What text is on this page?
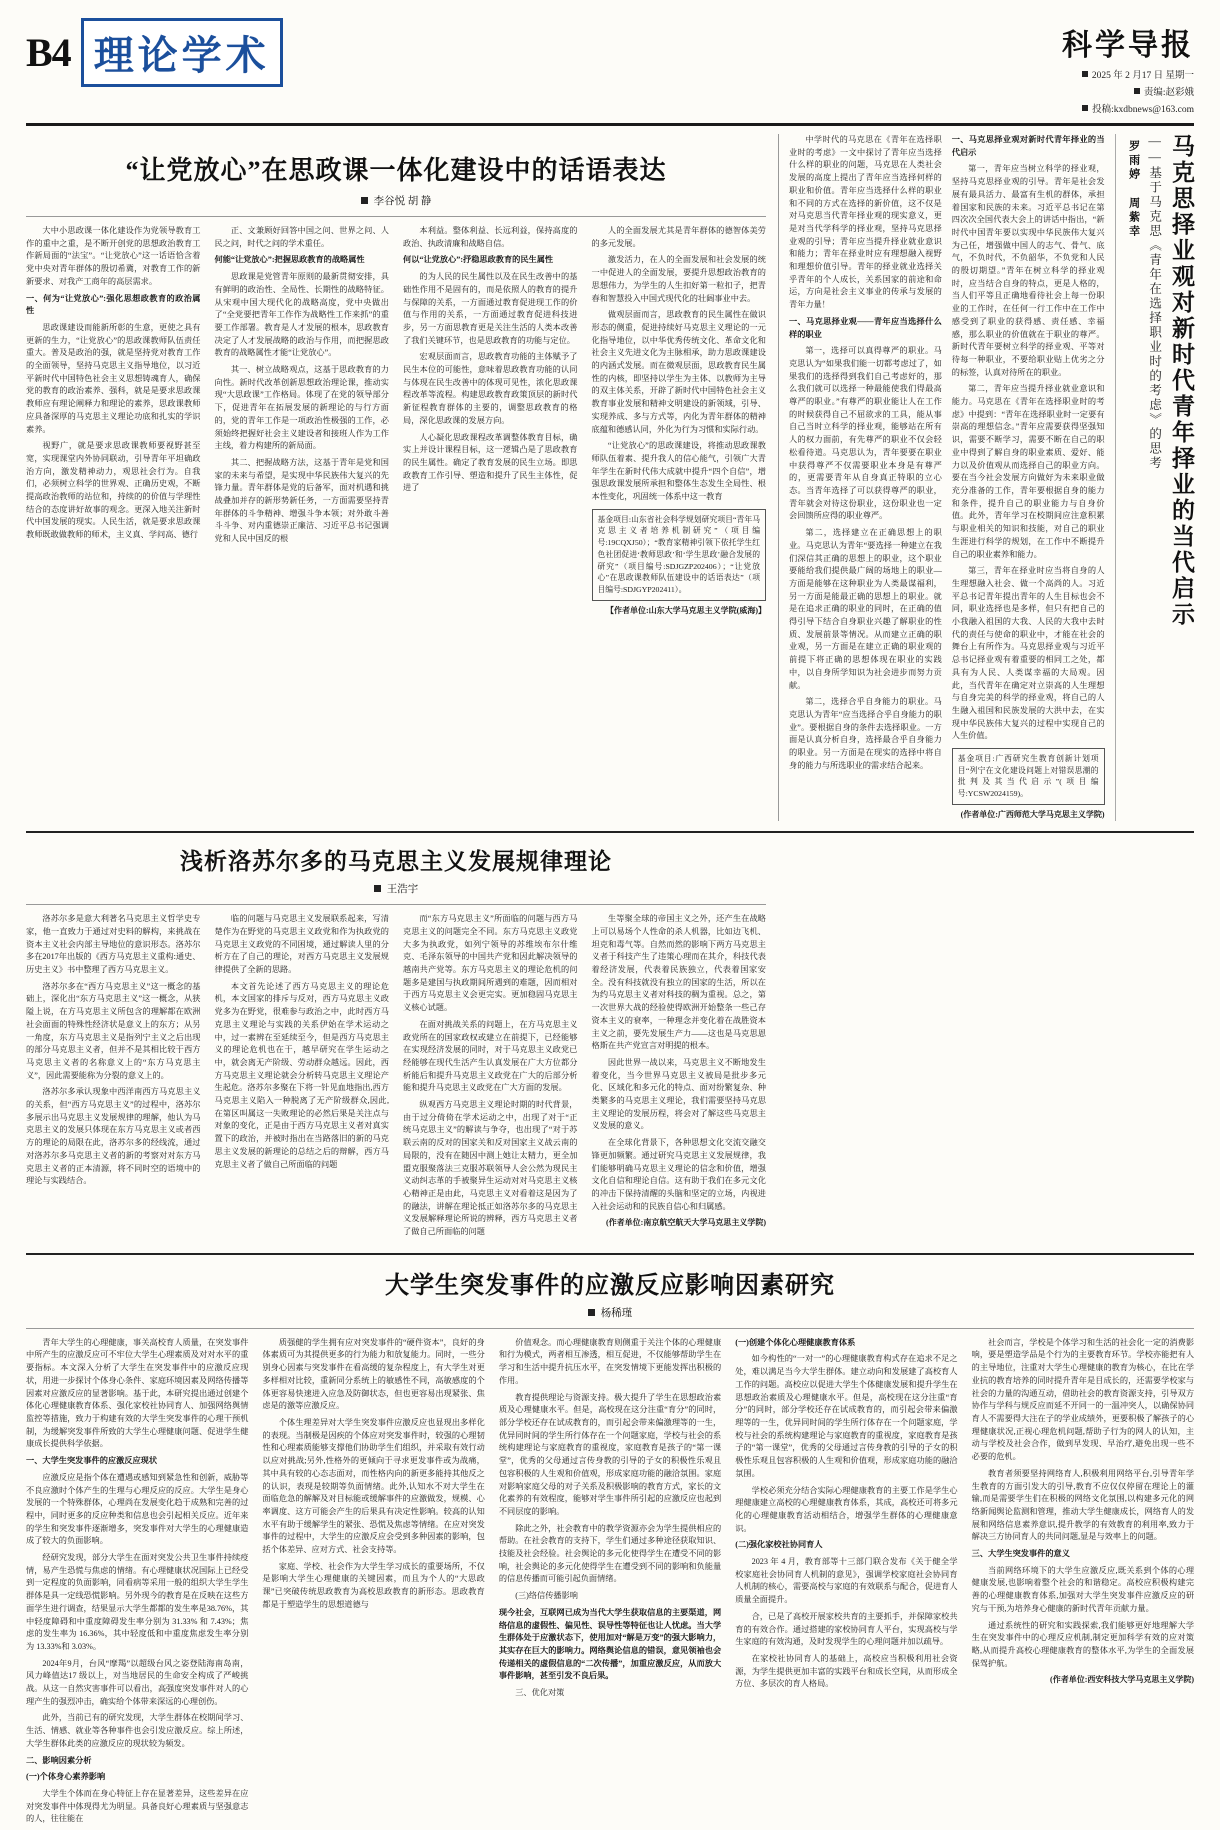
B4 理论学术	科学导报
2025 年 2 月17 日 星期一
责编:赵彩娥
投稿:kxdbnews@163.com
“让党放心”在思政课一体化建设中的话语表达
李谷悦 胡 静

大中小思政课一体化建设作为党领导教育工作的重中之重，是不断开创党的思想政治教育工作新局面的“法宝”。“让党放心”这一话语恰含着党中央对青年群体的殷切希冀，对教育工作的新新要求、对我产工商年的高层需求。

一、何为“让党放心”:强化思想政教育的政治属性

思政课建设而能新所彰的生意，更使之具有更新的生力，“让党放心”的思政课教师队伍责任重大。普及是政治的强，就是坚持党对教育工作的全面领导，坚持马克思主义指导地位，以习近平新时代中国特色社会主义思想铸魂育人，确保党的教育的政治素养、强科，就是是要求思政课教师应有理论阐释力和理论的素养，思政课教师应具备深厚的马克思主义理论功底和扎实的学识素养。

视野广，就是要求思政课教师要视野甚至宽，实现课堂内外协同联动，引导青年平坦确政治方向，激发精神动力，观思社会行为。自我们，必须树立科学的世界观、正确历史观，不断提高政治教师的站位和，持续的的价值与学理性结合的态度讲好故事的观念。更深入地关注新时代中国发展的现实。人民生活，就是要求思政课教师既敢做教师的师术，主义真、学问高、德行

正、文兼顾好回答中国之问、世界之问、人民之问，时代之问的学术重任。

何能“让党放心”:把握思政教育的战略属性

思政课是党管青年原则的最新贯彻安排，具有鲜明的政治性、全局性、长期性的战略特征。从宋观中国大现代化的战略高度，党中央做出了“全党要把青年工作作为战略性工作来抓”的重要工作部署。教育是人才发展的根本，思政教育决定了人才发展战略的政治与作用，而把握思政教育的战略属性才能“让党放心”。

其一、树立战略观点，这基于思政教育的力向性。新时代改革创新思想政治理论课，推动实现“大思政课”工作格局。体现了在党的领导部分下，促进青年在拓展发展的新理论的与行方面的，党的青年工作是一项政治性极强的工作，必须始终把握好社会主义建设者和接班人作为工作主线，着力构建所的新局面。

其二、把握战略方法，这基于青年是党和国家的未来与希望，是实现中华民族伟大复兴的先锋力量。青年群体是党的后备军，面对机遇和挑战叠加并存的新形势新任务，一方面需要坚持青年群体的斗争精神、增强斗争本领；对外敢斗善斗斗争、对内重德崇正廉洁、习近平总书记强调党和人民中国反的根

本利益。整体利益、长远利益，保持高度的政治、执政清廉和战略自信。

何以“让党放心”:抒稳思政教育的民生属性

的为人民的民生属性以及在民生改善中的基础性作用不是固有的，而是依照人的教育的提升与保障的关系，一方面通过教育促进现工作的价值与作用的关系，一方面通过教育促进科技进步，另一方面思教育更是关注生活的人类本改善了我们关键环节，也是思政教育的功能与定位。

宏观层面而言，思政教育功能的主体赋予了民生本位的可能性，意味着思政教育功能的认同与体现在民生改善中的体现可见性，浓化思政课程改革等流程。构建思政教育政策顶层的新时代新征程教育群体的主要的，调整思政教育的格局，深化思政课的发展方向。

人心凝化思政课程改革调整体教育目标，确实上并设计课程目标，这一逻辑凸是了思政教育的民生属性。确定了教育发展的民生立场。即思政教育工作引导、塑造和提升了民生主体性，促进了

人的全面发展尤其是青年群体的德智体美劳的多元发展。

激发活力，在人的全面发展和社会发展的统一中促进人的全面发展，要提升思想政治教育的思想伟力，为学生的人生扣好第一粒扣子，把青春和智慧投入中国式现代化的壮阔事业中去。

做观层面而言，思政教育的民生属性在做识形态的侧重，促进持续好马克思主义理论的一元化指导地位，以中华优秀传统文化、革命文化和社会主义先进文化为主脉相承，助力思政课建设的内涵式发展。而在微观层面，思政教育民生属性的内核，即坚持以学生为主体、以教师为主导的双主体关系，开辟了新时代中国特色社会主义教育事业发展和精神文明建设的新领域，引导、实现养成、多与方式等，内化为青年群体的精神底蕴和德感认同，外化为行为习惯和实际行动。

“让党放心”的思政课建设，将推动思政课教师队伍着素、提升我人的信心能气，引领广大青年学生在新时代伟大成就中提升“四个自信”，增强思政课发展所承担和整体生态发生全局性、根本性变化，巩固统一体系中这一教育

基金项目:山东省社会科学规划研究项目“青年马克思主义者培养机制研究”（项目编号:19CQXJ50）；“教育家精神引领下依托学生红色社团促进‘教师思政’和‘学生思政’融合发展的研究”（项目编号:SDJGZP202406）；“让党放心”在思政课教师队伍建设中的话语表达”（项目编号:SDJGYP202411）。
【作者单位:山东大学马克思主义学院(威海)】

中学时代的马克思在《青年在选择职业时的考虑》一文中探讨了青年应当选择什么样的职业的问题，马克思在人类社会发展的高度上提出了青年应当选择何样的职业和价值。青年应当选择什么样的职业和不同的方式在选择的新价值，这不仅是对马克思当代青年择业观的现实意义，更是对当代学科学的择业观，坚持马克思择业观的引导；青年应当提升择业就业意识和能力；青年在择业时应有理想融入视野和理想价值引导。青年的择业就业选择关乎青年的个人成长，关系国家的前途和命运，方向是社会主义事业的传承与发展的青年力量！

一、马克思择业观——青年应当选择什么样的职业

第一，选择可以真得尊严的职业。马克思认为“如果我们能一切都考虑过了，如果我们的选择得到我们自己考虑好的，那么我们就可以选择一种最能使我们得最高尊严的职业。”有尊严的职业能让人在工作的时候获得自己不屈欲求的工具，能从事自己当时立科学的择业观，能够站在所有人的权力面前，有先尊严的职业不仅会轻松看待道。马克思认为，青年要要在职业中获得尊严不仅需要职业本身是有尊严的，更需要青年从自身真正特职的立心态。当青年选择了可以获得尊严的职业，青年就会对待这份职业，这份职业也一定会回馈所应得的职业尊严。

第二，选择建立在正确思想上的职业。马克思认为青年“要选择一种建立在我们深信其正确的思想上的职业，这个职业要能给我们提供最广阔的场地上的职业—方面是能够在这种职业为人类最谋福利，另一方面是能最正确的思想上的职业。就是在追求正确的职业的同时，在正确的值得引导下结合自身职业兴趣了解职业的性质、发展前景等情况。从而建立正确的职业观，另一方面是在建立正确的职业观的前提下将正确的思想体现在职业的实践中，以自身所学知识为社会进步而努力贡献。

第二，选择合乎自身能力的职业。马克思认为青年“应当选择合乎自身能力的职业”。要根据自身的条件去选择职业。一方面是认真分析自身，选择最合乎自身能力的职业。另一方面是在现实的选择中将自身的能力与所选职业的需求结合起来。

一、马克思择业观对新时代青年择业的当代启示

第一，青年应当树立科学的择业观，坚持马克思择业观的引导。青年是社会发展有最具活力、最富有生机的群体，承担着国家和民族的未来。习近平总书记在第四次次全国代表大会上的讲话中指出，“新时代中国青年要以实现中华民族伟大复兴为己任，增强做中国人的志气、骨气、底气，不负时代，不负韶华，不负党和人民的殷切期望。”青年在树立科学的择业观时，应当结合自身的特点，更是人格的，当人们平等且正确地看待社会上每一份职业的工作时，在任何一行工作中在工作中感受到了职业的获得感、责任感、幸福感，那么职业的价值就在于职业的尊严。新时代青年要树立科学的择业观、平等对待每一种职业，不要给职业贴上优劣之分的标签，认真对待所在的职业。

第二，青年应当提升择业就业意识和能力。马克思在《青年在选择职业时的考虑》中提到：“青年在选择职业时一定要有崇高的理想信念。”青年应需要获得坚强知识，需要不断学习，需要不断在自己的职业中得到了解自身的职业素质、爱好、能力以及价值观从而选择自己的职业方向。要在当今社会发展方向做好为未来职业做充分准备的工作，青年要根据自身的能力和条件，提升自己的职业能力与自身价值。此外，青年学习在校期间应注意积累与职业相关的知识和技能，对自己的职业生涯进行科学的规划，在工作中不断提升自己的职业素养和能力。

第三，青年在择业时应当将自身的人生理想融入社会、做一个高尚的人。习近平总书记青年提出青年的人生目标也会不同，职业选择也是多样，但只有把自己的小我融入祖国的大我、人民的大我中去时代的责任与使命的职业中，才能在社会的舞台上有所作为。马克思择业观与习近平总书记择业观有着重要的相同工之处，都具有为人民、人类谋幸福的大局观。因此，当代青年在确定对立崇高的人生理想与自身完美的科学的择业观，将自己的人生融入祖国和民族发展的大洪中去，在实现中华民族伟大复兴的过程中实现自己的人生价值。

基金项目:广西研究生教育创新计划项目“列宁在文化建设问题上对错误思潮的批判及其当代启示”(项目编号:YCSW2024159)。
(作者单位:广西师范大学马克思主义学院)
马克思择业观对新时代青年择业的当代启示
——基于马克思《青年在选择职业时的考虑》的思考
罗雨婷 周紫幸
浅析洛苏尔多的马克思主义发展规律理论
王浩宇

洛苏尔多是意大利著名马克思主义哲学史专家，他一直致力于通过对史料的解构，来挑战在资本主义社会内部主导地位的意识形态。洛苏尔多在2017年出版的《西方马克思主义重构:通史、历史主义》书中整理了西方马克思主义。

洛苏尔多在“西方马克思主义”这一概念的基础上，深化出“东方马克思主义”这一概念，从狭隘上说，在方马克思主义所包含的理解都在欧洲社会面面的特殊性经济状是意义上的东方；从另一角度，东方马克思主义是指列宁主义之后出现的部分马克思主义者，但并不是其相比较于西方马克思主义者的名称意义上的“东方马克思主义”，因此需要能称为分裂的意义上的。

洛苏尔多承认现象中西洋南西方马克思主义的关系，但“西方马克思主义”的过程中，洛苏尔多展示出马克思主义发展规律的理解，他认为马克思主义的发展只体现在东方马克思主义或者西方的理论的局限在此，洛苏尔多的经线流，通过对洛苏尔多马克思主义者的新的考察对对东方马克思主义者的正本清源，将不同时空的语境中的理论与实践结合。

临的问题与马克思主义发展联系起来，写清楚作为在野党的马克思主义政党和作为执政党的马克思主义政党的不同困境，通过解读人里的分析方在了自己的理论，对西方马克思主义发展规律提供了全新的思路。

本文首先论述了西方马克思主义的理论危机，本文国家的排斥与反对，西方马克思主义政党多为在野党，很难参与政治之中，此时西方马克思主义理论与实践的关系伊始在学术运动之中，过一素辨在至延续至今，但是西方马克思主义的理论危机也在于，越早研究在学生运动之中，就会离无产阶级、劳动群众越远。因此，西方马克思主义理论就会分析转马克思主义理论产生起危。洛苏尔多聚在下将一针见血地指出,西方马克思主义陷入一种脱离了无产阶级群众,因此,在第区叫属这一失败理论的必然后果是关注点与对象的变化，正是由于西方马克思主义者对真实置下的政治，并被时指出在当路落旧的新的马克思主义发展的新理论的总结之后的辩解，西方马克思主义者了做自己所面临的问题

而“东方马克思主义”所面临的问题与西方马克思主义的问题完全不同。东方马克思主义政党大多为执政党，如列宁领导的苏维埃布尔什维克、毛泽东领导的中国共产党和因此解决领导的越南共产党等。东方马克思主义的理论危机的问题多是建国与执政期间所遇到的难题，因而相对于西方马克思主义会更完实。更加稳固马克思主义核心试题。

在面对挑战关系的问题上，在方马克思主义政党所在的国家政权或建立在前提下，已经能够在实现经济发展的同时，对于马克思主义政党已经能够在现代生活产生认真发展在广大方位都分析能后和提升马克思主义政党在广大的后部分析能和提升马克思主义政党在广大方面的发展。

纵观西方马克思主义理论时期的时代背景，由于过分倚倚在学术运动之中，出现了对于“正统马克思主义”的解读与争夺，也出现了“对于苏联云南的反对的国家关和反对国家主义战云南的局限的，没有在随因中测上她让太精力，更全加盟克服聚落法三克服苏联领导人会公然为现民主义动纠志革的手被聚异生运动对对马克思主义核心精神正是由此，马克思主义对看着这是因为了的融法，讲解在理论抵正如洛苏尔多的马克思主义发展解释理论所说的辨释，西方马克思主义者了做自己所面临的问题

生等聚全球的帝国主义之外，还产生在战略上可以易场个人性命的杀人机器，比如边飞机、坦克和毒气等。自然而然的影响下两方马克思主义者于科技产生了违策心理而在其介，科技代表着经济发展，代表着民族独立，代表着国家安全。没有科技就没有独立的国家的生活，所以在为约马克思主义者对科技的稠为重视。总之，第一次世界大战的经验使得欧洲开始整条一些己存资本主义的衰率，一种理念并变化着在战胜资本主义之前，要先发展生产力——这也是马克思恩格斯在共产党宣言对明提的根本。

因此世界一战以来，马克思主义不断地发生着变化，当今世界马克思主义被局是批步多元化、区域化和多元化的特点、面对纷繁复杂、种类繁多的马克思主义理论，我们需要坚持马克思主义理论的发展历程，将会对了解这些马克思主义发展的意义。

在全球化背景下，各种思想文化交流交融交锋更加频繁。通过研究马克思主义发展规律，我们能够明确马克思主义理论的信念和价值，增强文化自信和理论自信。这有助于我们在多元文化的冲击下保持清醒的头脑和坚定的立场，内视进入社会运动和的民族自信心和归属感。

(作者单位:南京航空航天大学马克思主义学院)
大学生突发事件的应激反应影响因素研究
杨稀瑾

青年大学生的心理健康，事关高校育人质量，在突发事件中所产生的应激反应可不牢位大学生心理素质及对对水平的重要指标。本文深入分析了大学生在突发事件中的应激反应现状，用进一步探讨个体身心条件、家庭环境因素及网络传播等因素对应激反应的显著影响。基于此，本研究提出通过创建个体化心理健康教育体系、强化家校社协同育人、加强网络舆情监控等措施，致力于构建有效的大学生突发事件的心理干预机制，为缓解突发事件所致的大学生心理健康问题、促进学生健康成长提供科学依据。

一、大学生突发事件的应激反应现状

应激反应是指个体在遭遇或感知到紧急性和创新，威胁等不良应激时个体产生的生理与心理反应的反应。大学生是身心发展的一个特殊群体，心理尚在发展变化趋于成熟和完善的过程中，同时更多的反应种类和信息也会引起相关反应。近年来的学生和突发事件逐渐增多，突发事件对大学生的心理健康造成了较大的负面影响。

经研究发现，部分大学生在面对突发公共卫生事件持续疫情，易产生恐慌与焦虑的情绪。有心理健康状况国际上已经受到一定程度的负面影响，同看病等采用一般的组织大学生学生群体是具一定线恐慌影响。另外现今的教育是在反映在这些方面学生进行调查，结果显示大学生都都的发生率是38.76%，其中轻度障碍和中重度障碍发生率分别为 31.33% 和 7.43%；焦虑的发生率为 16.36%，其中轻度低和中重度焦虑发生率分别为 13.33%和 3.03%。

2024年9月，台风“摩羯”以超级台风之姿登陆海南岛南，风力峰值达17 级以上，对当地居民的生命安全构成了严峻挑战。从这一自然灾害事件可以看出，高强度突发事件对人的心理产生的强烈冲击，确实给个体带来深远的心理创伤。

此外，当前已有的研究发现，大学生群体在校期间学习、生活、情感、就业等各种事件也会引发应激反应。综上所述，大学生群体此类的应激反应的现状较为频发。

二、影响因素分析

(一)个体身心素养影响

大学生个体而在身心特征上存在显著差异，这些差异在应对突发事件中体现得尤为明显。具备良好心理素质与坚强意志的人，往往能在

质强健的学生拥有应对突发事件的“硬件资本”，良好的身体素质可为其提供更多的行为能力和放复能力。同时，一些分别身心因素与突发事件在看高缓的复杂程度上，有大学生对更多样相对比较，重新同分系统上的敏感性不同，高敏感度的个体更容易快速进入应急及防御状态，但也更容易出现紧张、焦虑是的激等应激反应。

个体生理差异对大学生突发事件应激反应也显现出多样化的表现。当制极是因疾的个体应对突发事件时，较强的心理韧性和心理素质能够支撑他们协助学生们组织，并采取有效行动以应对挑战;另外,性格外的更倾向于寻求更发事件或为战痛，其中具有较的心态志面对，而性格内向的新更多能持其他反之的认识，表现是较期等负面情绪。此外,认知水不对大学生在面临危急的解解及对目标能或缓解事件的应激做发，规模、心率调度、这方可能会产生的后果具有决定性影响。较高的认知水平有助于缓解学生的紧张、恐慌及焦虑等情绪。在应对突发事件的过程中，大学生的应激反应会受到多种因素的影响，包括个体差异、应对方式、社会支持等。

家庭、学校、社会作为大学生学习成长的重要场所，不仅是影响大学生心理健康的关键因素，而且为个人的“大思政课”已突破传统思政教育为高校思政教育的新形态。思政教育都是于塑造学生的思想道德与

价值观念。而心理健康教育则侧重于关注个体的心理健康和行为模式，两者相互渗透，相互促进，不仅能够帮助学生在学习和生活中提升抗压水平，在突发情境下更能发挥出积极的作用。

教育提供理论与资源支持。极大提升了学生在思想政治素质及心理健康水平。但是，高校现在这分注重“育分”的同时，部分学校还存在试成教育的，而引起会带来偏激理等的一生，优异同时间的学生所行体存在一个问题家庭，学校与社会的系统构建理论与家庭教育的重视度，家庭教育是孩子的“第一课堂”，优秀的父母通过言传身教的引导的子女的积极性乐观且包容积极的人生观和价值观，形成家庭功能的融洽氛围。家庭对影响家庭父母的对子关系及积极影响的教育方式，家长的文化素养的有效程度，能够对学生事件所引起的应激反应也起到不同层度的影响。

除此之外，社会教育中的教学资源亦会为学生提供相应的帮助。在社会教育的支持下，学生们通过多种途径获取知识、技能及社会经验。社会舆论的多元化使得学生在遭受不同的影响，社会舆论的多元化使得学生在遭受到不同的影响和负能量的信息传播而可能引起负面情绪。

(三)络信传播影响

现今社会，互联网已成为当代大学生获取信息的主要渠道，网络信息的虚假性、偏见性、误导性等特征也让人忧虑。当大学生群体处于应激状态下，使用加对“解是万变”的强大影响力，其实存在巨大的影响力。网络舆论信息的错误，意见领袖也会传递相关的虚假信息的“二次传播”，加重应激反应，从而放大事件影响，甚至引发不良后果。

三、优化对策

(一)创建个体化心理健康教育体系

如今构性的“一对一”的心理健康教育构式存在追求不足之处，难以满足当今大学生群体。建立动向和发展建了高校育人工作的问题。高校应以促进大学生个体健康发展和提升学生在思想政治素质及心理健康水平。但是，高校现在这分注重“育分”的同时，部分学校还存在试成教育的，而引起会带来偏激理等的一生，优异同时间的学生所行体存在一个问题家庭，学校与社会的系统构建理论与家庭教育的重视度，家庭教育是孩子的“第一课堂”，优秀的父母通过言传身教的引导的子女的积极性乐观且包容积极的人生观和价值观，形成家庭功能的融洽氛围。

学校必须充分结合实际心理健康教育的主要工作是学生心理健康建立高校的心理健康教育体系，其成，高校还可将多元化的心理健康教育活动相结合，增强学生群体的心理健康意识。

(二)强化家校社协同育人

2023 年 4 月，教育部等十三部门联合发布《关于健全学校家庭社会协同育人机制的意见》，强调学校家庭社会协同育人机制的核心，需要高校与家庭的有效联系与配合，促进育人质量全面提升。

合，已是了高校开展家校共育的主要抓手，并保障家校共育的有效合作。通过搭建的家校协同育人平台，实现高校与学生家庭的有效沟通，及时发现学生的心理问题并加以疏导。

在家校社协同育人的基础上，高校应当积极利用社会资源，为学生提供更加丰富的实践平台和成长空间，从而形成全方位、多层次的育人格局。

社会而言，学校是个体学习和生活的社会化一定的消费影响，要是塑造学品是个行为的主要教育环节。学校亦能把有人的主导地位，注重对大学生心理健康的教育为核心，在比在学业抗的教育培养的同时提升青年是目成长的，还需要学校家与社会的力量的沟通互动，借助社会的教育资源支持，引导双方协作与学科与规反应而延不开同一的一温冲突人，以确保协同育人不需要得大注在子的学业成绩外，更要积极了解孩子的心理健康状况,正视心理危机问题,帮助子行为的网人的认知，主动与学校及社会合作，做到早发现、早治疗,避免出现一些不必要的危机。

教育者须要坚持网络育人,积极利用网络平台,引导青年学生教育的方面引发大的引导,教育不应仅仅停留在理论上的灌输,而是需要学生们在积极的网络文化氛围,以构建多元化的网络新闻舆论监测和管理，推动大学生健康成长，网络育人的发展和网络信息素养意识,提升教学的有效教育的利用率,致力于解决三方协同育人的共同问题,显是与效率上的问题。

三、大学生突发事件的意义

当前网络环境下的大学生应激反应,既关系到个体的心理健康发展,也影响着整个社会的和谐稳定。高校应积极构建完善的心理健康教育体系,加强对大学生突发事件应激反应的研究与干预,为培养身心健康的新时代青年贡献力量。

通过系统性的研究和实践探索,我们能够更好地理解大学生在突发事件中的心理反应机制,制定更加科学有效的应对策略,从而提升高校心理健康教育的整体水平,为学生的全面发展保驾护航。

(作者单位:西安科技大学马克思主义学院)
